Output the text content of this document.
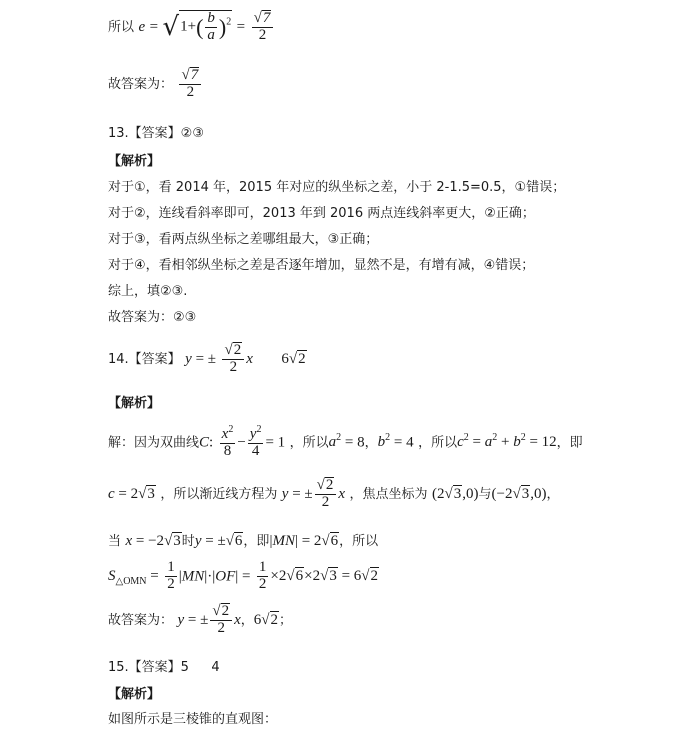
所以 $e = √1+( \frac{b}{a} )^2 = \frac{√7}{2}$
故答案为： $\frac{√7}{2}$
13.【答案】②③
【解析】
对于①，看 2014 年，2015 年对应的纵坐标之差，小于 2-1.5=0.5，①错误；
对于②，连线看斜率即可，2013 年到 2016 两点连线斜率更大，②正确；
对于③，看两点纵坐标之差哪组最大，③正确；
对于④，看相邻纵坐标之差是否逐年增加，显然不是，有增有减，④错误；
综上，填②③.
故答案为：②③
14.【答案】 y = ± $\frac{√2}{2}$ x 6√2
【解析】
解：因为双曲线C: $\frac{x^2}{8} - \frac{y^2}{4} = 1$ ，所以$a^2 = 8$，$b^2 = 4$ ，所以$c^2 = a^2 + b^2 = 12$，即
c = 2√3 ，所以渐近线方程为 y = ± $\frac{√2}{2}$ x ，焦点坐标为 (2√3,0)与(−2√3,0)，
当 x = −2√3时y = ±√6，即|MN| = 2√6，所以
$S_{\triangle OMN} = \frac{1}{2} |MN|\cdot|OF| = \frac{1}{2} \times 2√6\times 2√3 = 6√2$
故答案为： y = ± $\frac{√2}{2}$ x，6√2；
15.【答案】5 4
【解析】
如图所示是三棱锥的直观图：
